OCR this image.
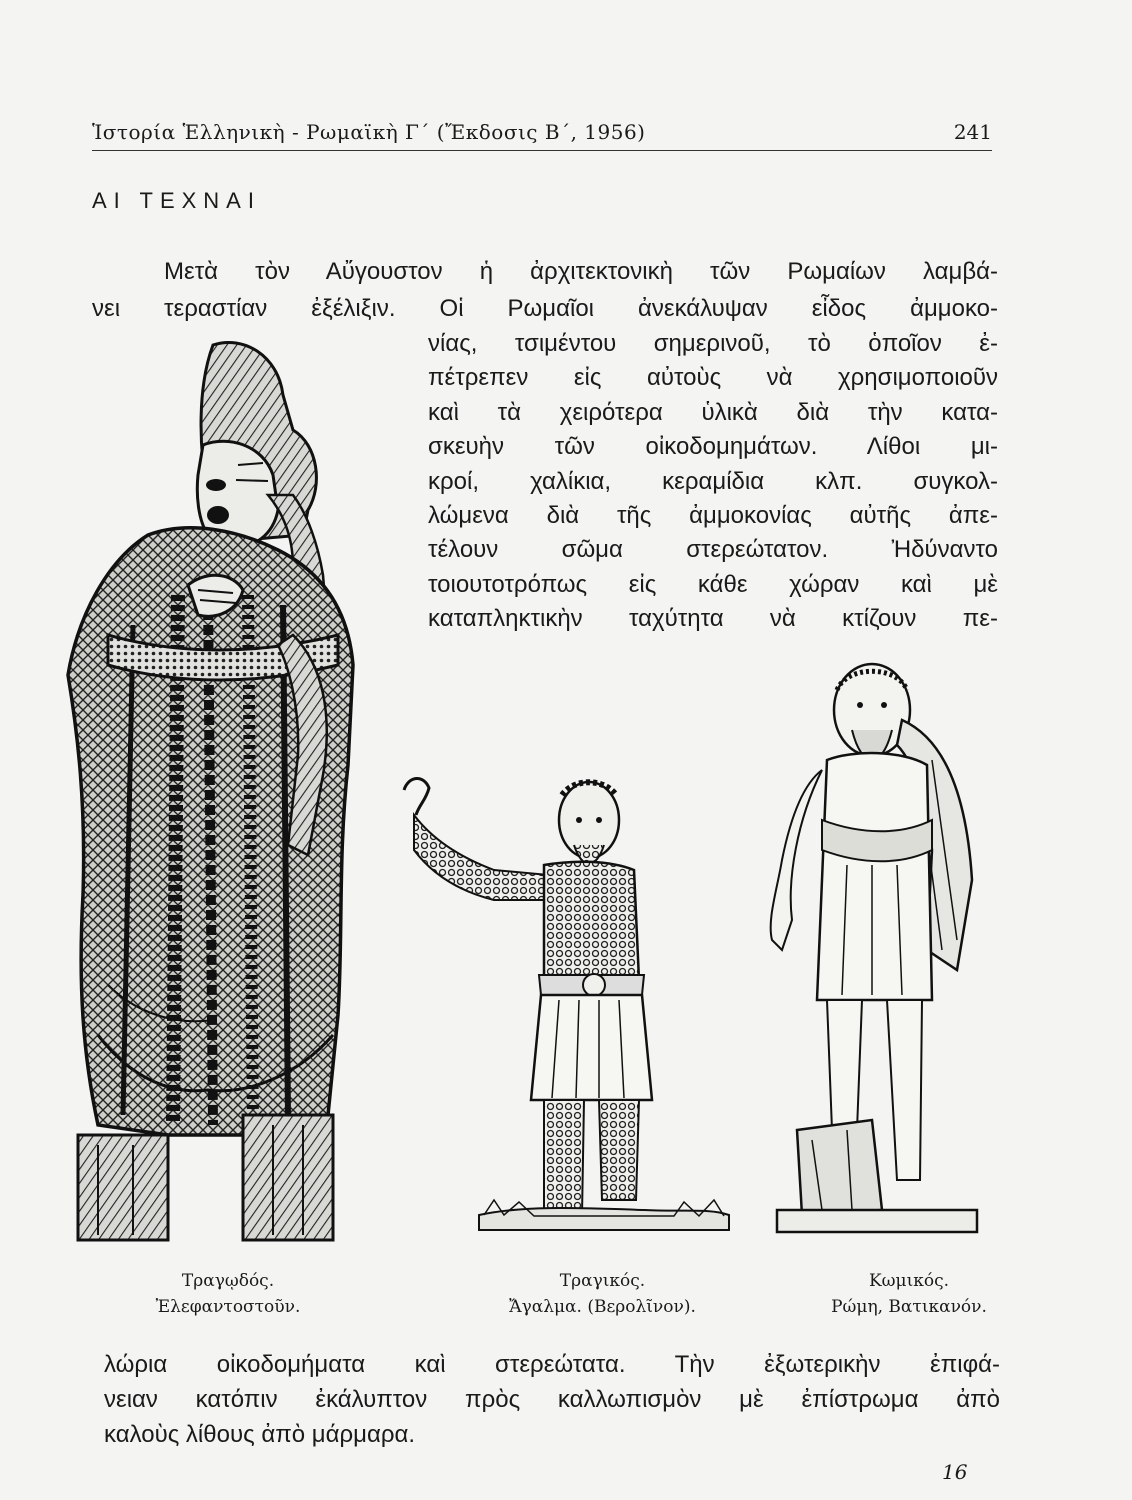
Ἱστορία Ἑλληνικὴ - Ρωμαϊκὴ Γ΄ (Ἔκδοσις Β΄, 1956)	241
ΑΙ ΤΕΧΝΑΙ

Μετὰ τὸν Αὔγουστον ἡ ἀρχιτεκτονικὴ τῶν Ρωμαίων λαμβά-
νει τεραστίαν ἐξέλιξιν. Οἱ Ρωμαῖοι ἀνεκάλυψαν εἶδος ἀμμοκο-

νίας, τσιμέντου σημερινοῦ, τὸ ὁποῖον ἐ-
πέτρεπεν εἰς αὐτοὺς νὰ χρησιμοποιοῦν
καὶ τὰ χειρότερα ὑλικὰ διὰ τὴν κατα-
σκευὴν τῶν οἰκοδομημάτων. Λίθοι μι-
κροί, χαλίκια, κεραμίδια κλπ. συγκολ-
λώμενα διὰ τῆς ἀμμοκονίας αὐτῆς ἀπε-
τέλουν σῶμα στερεώτατον. Ἠδύναντο
τοιουτοτρόπως εἰς κάθε χώραν καὶ μὲ
καταπληκτικὴν ταχύτητα νὰ κτίζουν πε-

Τραγῳδός.
Ἐλεφαντοστοῦν.
Τραγικός.
Ἄγαλμα. (Βερολῖνον).
Κωμικός.
Ρώμη, Βατικανόν.

λώρια οἰκοδομήματα καὶ στερεώτατα. Τὴν ἐξωτερικὴν ἐπιφά-
νειαν κατόπιν ἐκάλυπτον πρὸς καλλωπισμὸν μὲ ἐπίστρωμα ἀπὸ
καλοὺς λίθους ἀπὸ μάρμαρα.

16
